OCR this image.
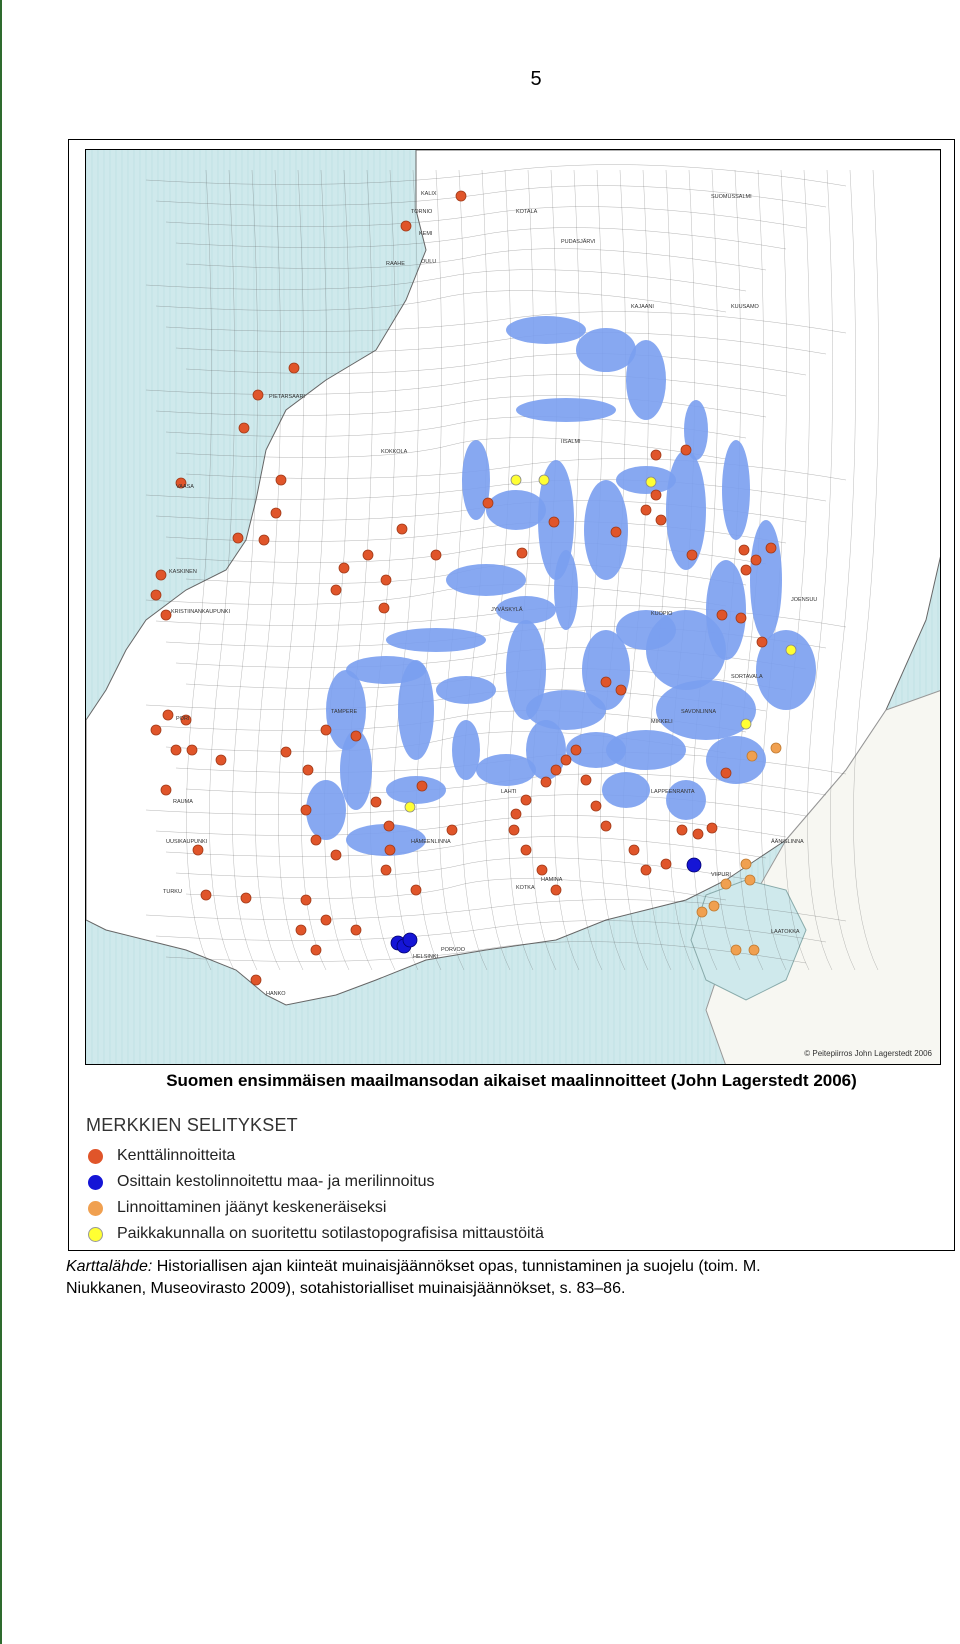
5
KALIX
TORNIO
KEMI
OULU
RAAHE
KOKKOLA
PIETARSAARI
VAASA
KASKINEN
KRISTIINANKAUPUNKI
PORI
RAUMA
UUSIKAUPUNKI
TURKU
HANKO
HELSINKI
PORVOO
KOTKA
HAMINA
VIIPURI
SORTAVALA
JOENSUU
KUOPIO
MIKKELI
JYVÄSKYLÄ
TAMPERE
LAHTI
HÄMEENLINNA
KAJAANI
SUOMUSSALMI
KUUSAMO
IISALMI
SAVONLINNA
LAPPEENRANTA
ÄÄNISLINNA
PUDASJÄRVI
KOTALA
LAATOKKA
© Peitepiirros John Lagerstedt 2006
Suomen ensimmäisen maailmansodan aikaiset maalinnoitteet (John Lagerstedt 2006)
MERKKIEN SELITYKSET
Kenttälinnoitteita
Osittain kestolinnoitettu maa- ja merilinnoitus
Linnoittaminen jäänyt keskeneräiseksi
Paikkakunnalla on suoritettu sotilastopografisisa mittaustöitä
Karttalähde: Historiallisen ajan kiinteät muinaisjäännökset opas, tunnistaminen ja suojelu (toim. M.
Niukkanen, Museovirasto 2009), sotahistorialliset muinaisjäännökset, s. 83–86.
